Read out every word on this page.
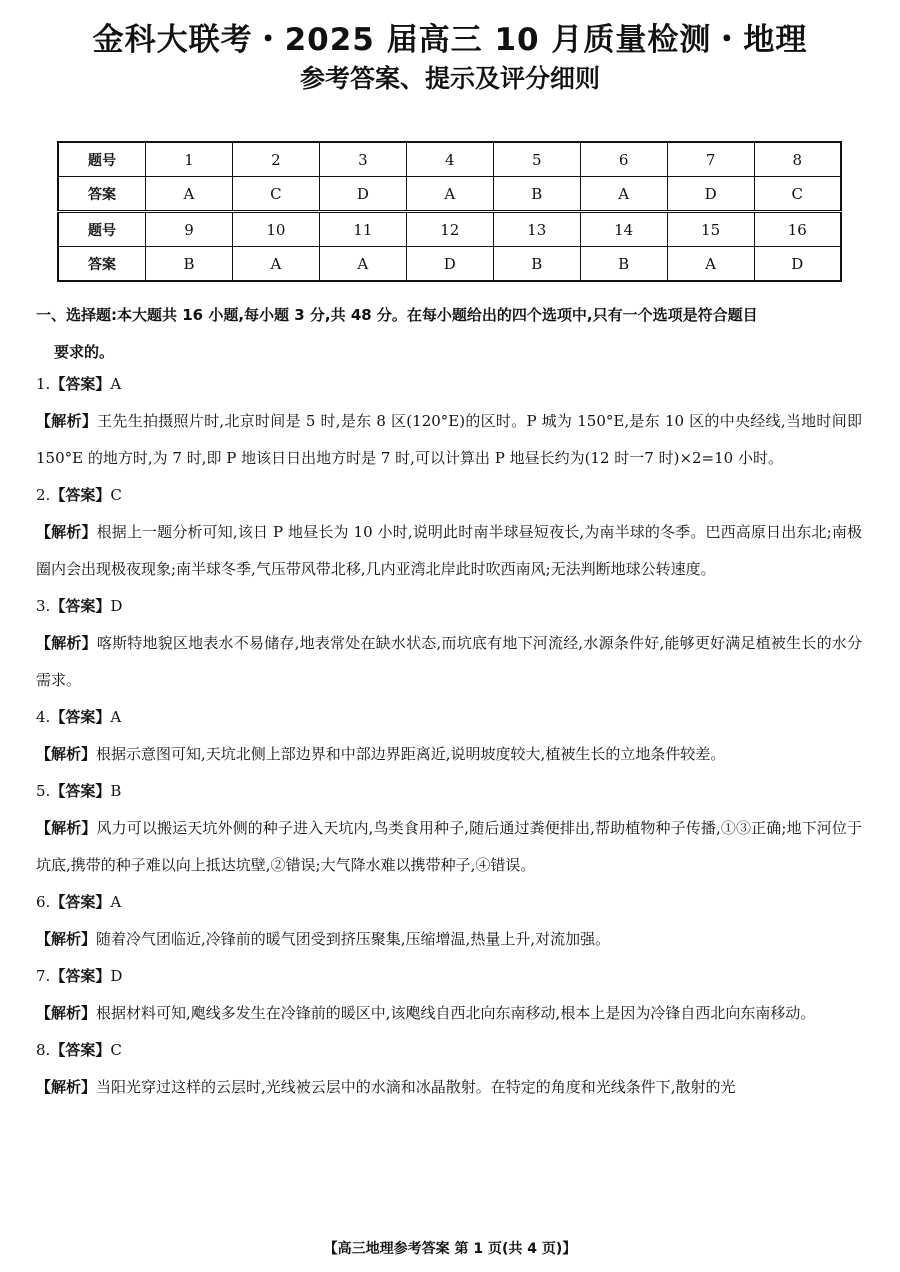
金科大联考・2025 届高三 10 月质量检测・地理
参考答案、提示及评分细则
题号	1	2	3	4	5	6	7	8
答案	A	C	D	A	B	A	D	C
题号	9	10	11	12	13	14	15	16
答案	B	A	A	D	B	B	A	D
一、选择题:本大题共 16 小题,每小题 3 分,共 48 分。在每小题给出的四个选项中,只有一个选项是符合题目
要求的。
1.【答案】A

【解析】王先生拍摄照片时,北京时间是 5 时,是东 8 区(120°E)的区时。P 城为 150°E,是东 10 区的中央经线,当地时间即 150°E 的地方时,为 7 时,即 P 地该日日出地方时是 7 时,可以计算出 P 地昼长约为(12 时一7 时)×2=10 小时。

2.【答案】C

【解析】根据上一题分析可知,该日 P 地昼长为 10 小时,说明此时南半球昼短夜长,为南半球的冬季。巴西高原日出东北;南极圈内会出现极夜现象;南半球冬季,气压带风带北移,几内亚湾北岸此时吹西南风;无法判断地球公转速度。

3.【答案】D

【解析】喀斯特地貌区地表水不易储存,地表常处在缺水状态,而坑底有地下河流经,水源条件好,能够更好满足植被生长的水分需求。

4.【答案】A

【解析】根据示意图可知,天坑北侧上部边界和中部边界距离近,说明坡度较大,植被生长的立地条件较差。

5.【答案】B

【解析】风力可以搬运天坑外侧的种子进入天坑内,鸟类食用种子,随后通过粪便排出,帮助植物种子传播,①③正确;地下河位于坑底,携带的种子难以向上抵达坑壁,②错误;大气降水难以携带种子,④错误。

6.【答案】A

【解析】随着冷气团临近,冷锋前的暖气团受到挤压聚集,压缩增温,热量上升,对流加强。

7.【答案】D

【解析】根据材料可知,飑线多发生在冷锋前的暖区中,该飑线自西北向东南移动,根本上是因为冷锋自西北向东南移动。

8.【答案】C

【解析】当阳光穿过这样的云层时,光线被云层中的水滴和冰晶散射。在特定的角度和光线条件下,散射的光

【高三地理参考答案 第 1 页(共 4 页)】
